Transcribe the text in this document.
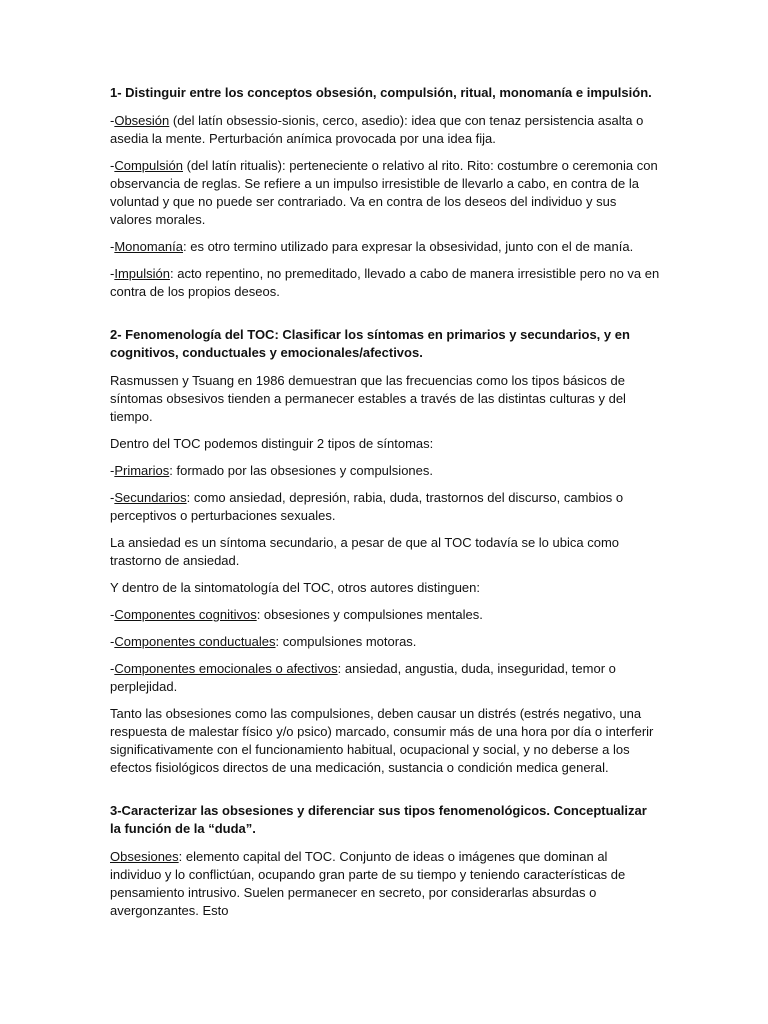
1- Distinguir entre los conceptos obsesión, compulsión, ritual, monomanía e impulsión.

-Obsesión (del latín obsessio-sionis, cerco, asedio): idea que con tenaz persistencia asalta o asedia la mente. Perturbación anímica provocada por una idea fija.

-Compulsión (del latín ritualis): perteneciente o relativo al rito. Rito: costumbre o ceremonia con observancia de reglas. Se refiere a un impulso irresistible de llevarlo a cabo, en contra de la voluntad y que no puede ser contrariado. Va en contra de los deseos del individuo y sus valores morales.

-Monomanía: es otro termino utilizado para expresar la obsesividad, junto con el de manía.

-Impulsión: acto repentino, no premeditado, llevado a cabo de manera irresistible pero no va en contra de los propios deseos.

2- Fenomenología del TOC: Clasificar los síntomas en primarios y secundarios, y en cognitivos, conductuales y emocionales/afectivos.

Rasmussen y Tsuang en 1986 demuestran que las frecuencias como los tipos básicos de síntomas obsesivos tienden a permanecer estables a través de las distintas culturas y del tiempo.

Dentro del TOC podemos distinguir 2 tipos de síntomas:

-Primarios: formado por las obsesiones y compulsiones.

-Secundarios: como ansiedad, depresión, rabia, duda, trastornos del discurso, cambios o perceptivos o perturbaciones sexuales.

La ansiedad es un síntoma secundario, a pesar de que al TOC todavía se lo ubica como trastorno de ansiedad.

Y dentro de la sintomatología del TOC, otros autores distinguen:

-Componentes cognitivos: obsesiones y compulsiones mentales.

-Componentes conductuales: compulsiones motoras.

-Componentes emocionales o afectivos: ansiedad, angustia, duda, inseguridad, temor o perplejidad.

Tanto las obsesiones como las compulsiones, deben causar un distrés (estrés negativo, una respuesta de malestar físico y/o psico) marcado, consumir más de una hora por día o interferir significativamente con el funcionamiento habitual, ocupacional y social, y no deberse a los efectos fisiológicos directos de una medicación, sustancia o condición medica general.

3-Caracterizar las obsesiones y diferenciar sus tipos fenomenológicos. Conceptualizar la función de la “duda”.

Obsesiones: elemento capital del TOC. Conjunto de ideas o imágenes que dominan al individuo y lo conflictúan, ocupando gran parte de su tiempo y teniendo características de pensamiento intrusivo. Suelen permanecer en secreto, por considerarlas absurdas o avergonzantes. Esto
